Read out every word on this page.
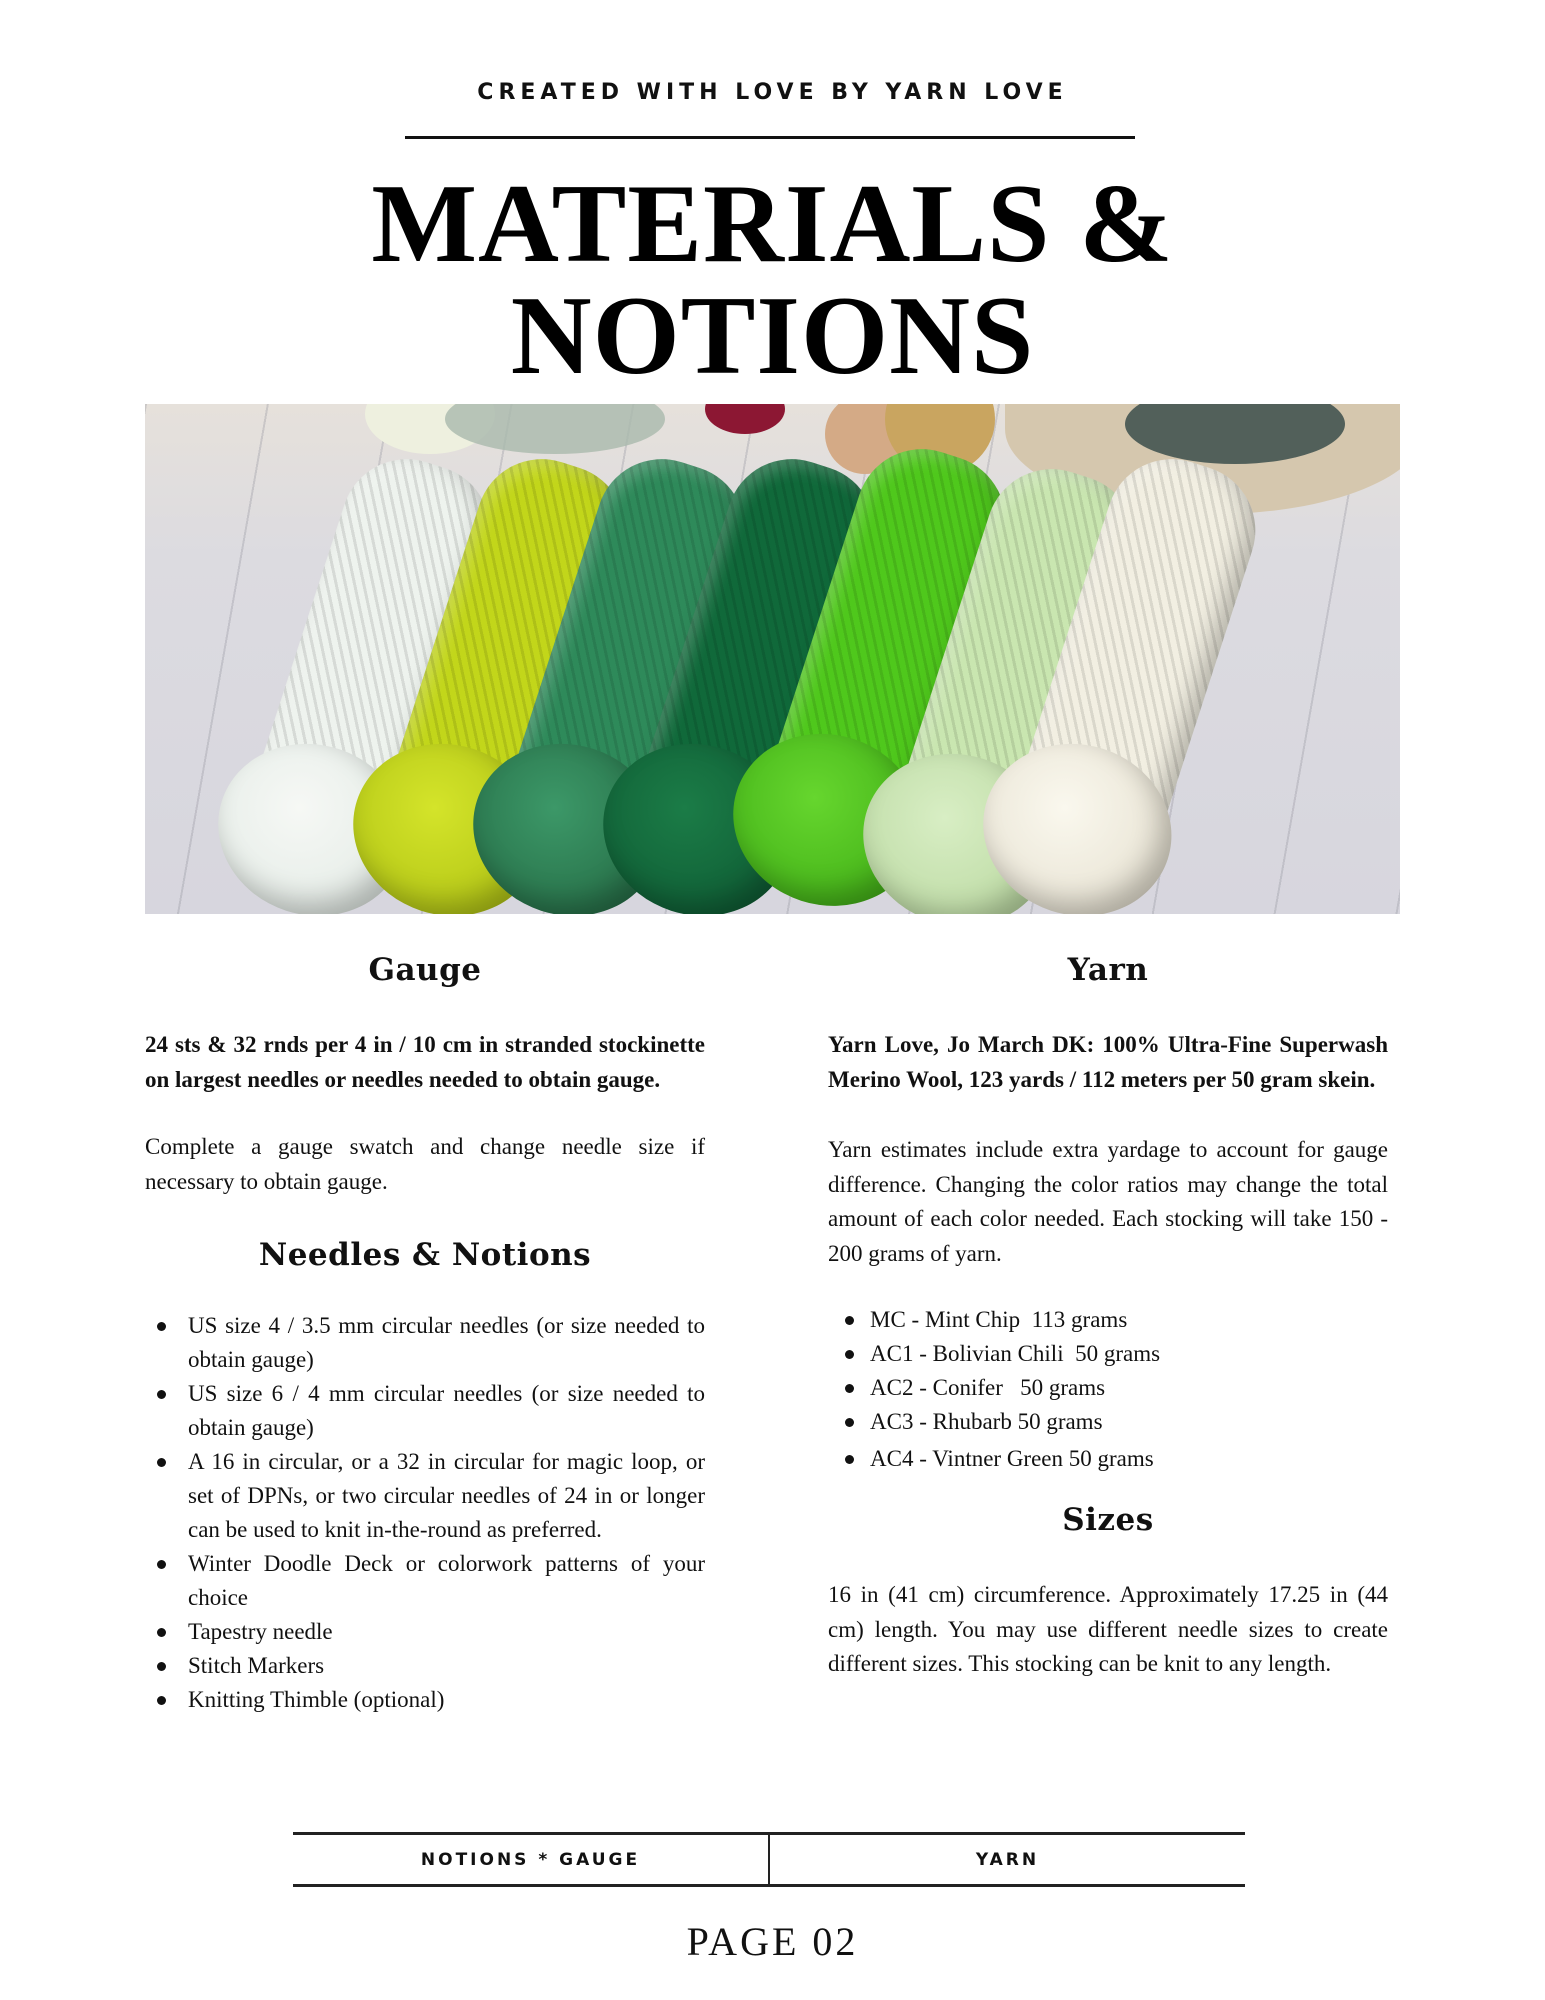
CREATED WITH LOVE BY YARN LOVE
MATERIALS &
NOTIONS
Gauge

24 sts & 32 rnds per 4 in / 10 cm in stranded stockinette on largest needles or needles needed to obtain gauge.

Complete a gauge swatch and change needle size if necessary to obtain gauge.

Needles & Notions
US size 4 / 3.5 mm circular needles (or size needed to obtain gauge)
US size 6 / 4 mm circular needles (or size needed to obtain gauge)
A 16 in circular, or a 32 in circular for magic loop, or set of DPNs, or two circular needles of 24 in or longer can be used to knit in-the-round as preferred.
Winter Doodle Deck or colorwork patterns of your choice
Tapestry needle
Stitch Markers
Knitting Thimble (optional)
Yarn

Yarn Love, Jo March DK: 100% Ultra-Fine Superwash Merino Wool, 123 yards / 112 meters per 50 gram skein.

Yarn estimates include extra yardage to account for gauge difference. Changing the color ratios may change the total amount of each color needed. Each stocking will take 150 - 200 grams of yarn.

MC - Mint Chip  113 grams
AC1 - Bolivian Chili  50 grams
AC2 - Conifer   50 grams
AC3 - Rhubarb 50 grams
AC4 - Vintner Green 50 grams
Sizes

16 in (41 cm) circumference. Approximately 17.25 in (44 cm) length. You may use different needle sizes to create different sizes. This stocking can be knit to any length.

NOTIONS * GAUGE	YARN
PAGE 02
